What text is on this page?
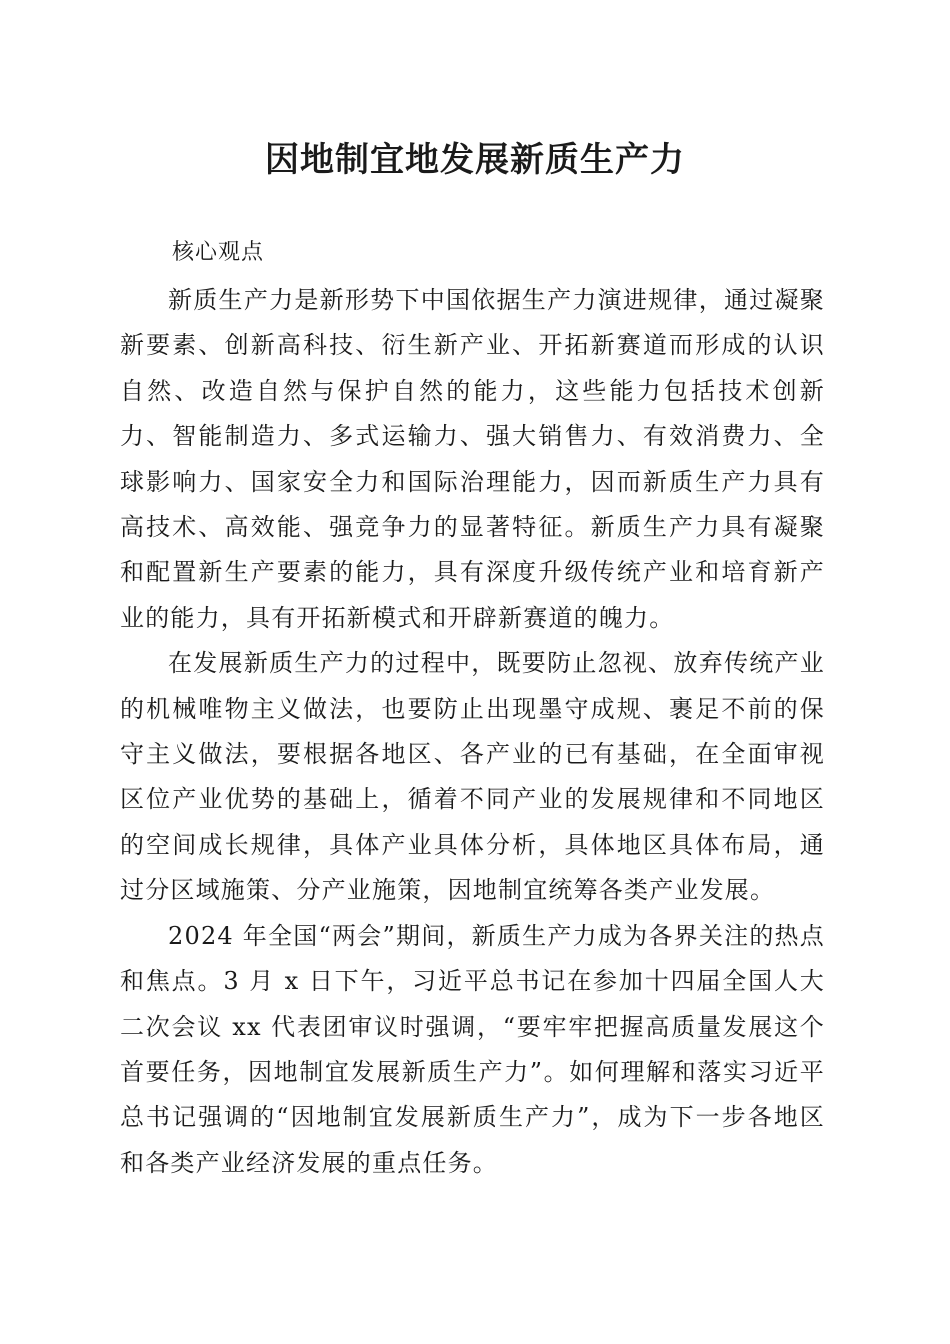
因地制宜地发展新质生产力

核心观点

新质生产力是新形势下中国依据生产力演进规律，通过凝聚新要素、创新高科技、衍生新产业、开拓新赛道而形成的认识自然、改造自然与保护自然的能力，这些能力包括技术创新力、智能制造力、多式运输力、强大销售力、有效消费力、全球影响力、国家安全力和国际治理能力，因而新质生产力具有高技术、高效能、强竞争力的显著特征。新质生产力具有凝聚和配置新生产要素的能力，具有深度升级传统产业和培育新产业的能力，具有开拓新模式和开辟新赛道的魄力。

在发展新质生产力的过程中，既要防止忽视、放弃传统产业的机械唯物主义做法，也要防止出现墨守成规、裹足不前的保守主义做法，要根据各地区、各产业的已有基础，在全面审视区位产业优势的基础上，循着不同产业的发展规律和不同地区的空间成长规律，具体产业具体分析，具体地区具体布局，通过分区域施策、分产业施策，因地制宜统筹各类产业发展。

2024 年全国“两会”期间，新质生产力成为各界关注的热点和焦点。3 月 x 日下午，习近平总书记在参加十四届全国人大二次会议 xx 代表团审议时强调，“要牢牢把握高质量发展这个首要任务，因地制宜发展新质生产力”。如何理解和落实习近平总书记强调的“因地制宜发展新质生产力”，成为下一步各地区和各类产业经济发展的重点任务。
